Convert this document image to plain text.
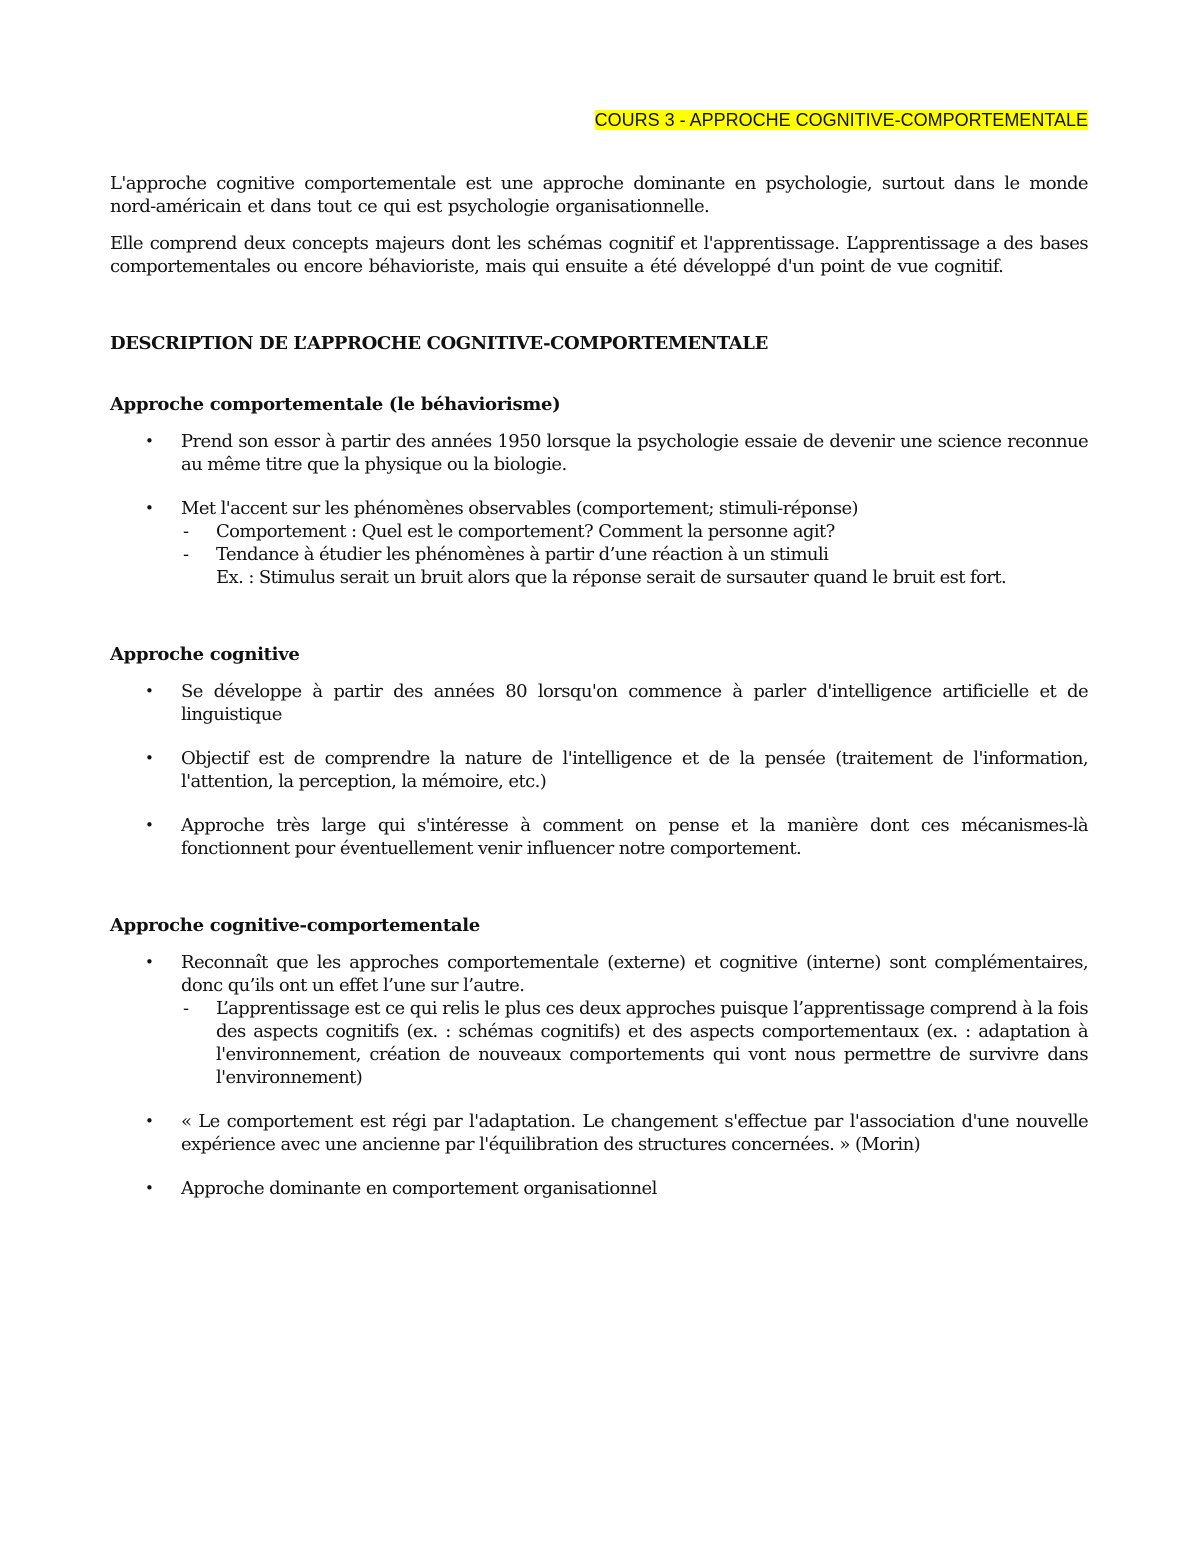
COURS 3 - APPROCHE COGNITIVE-COMPORTEMENTALE

L'approche cognitive comportementale est une approche dominante en psychologie, surtout dans le monde nord-américain et dans tout ce qui est psychologie organisationnelle.

Elle comprend deux concepts majeurs dont les schémas cognitif et l'apprentissage. L’apprentissage a des bases comportementales ou encore béhavioriste, mais qui ensuite a été développé d'un point de vue cognitif.

DESCRIPTION DE L’APPROCHE COGNITIVE-COMPORTEMENTALE
Approche comportementale (le béhaviorisme)
• Prend son essor à partir des années 1950 lorsque la psychologie essaie de devenir une science reconnue au même titre que la physique ou la biologie.
• Met l'accent sur les phénomènes observables (comportement; stimuli-réponse)
- Comportement : Quel est le comportement? Comment la personne agit?
- Tendance à étudier les phénomènes à partir d’une réaction à un stimuli
Ex. : Stimulus serait un bruit alors que la réponse serait de sursauter quand le bruit est fort.
Approche cognitive
• Se développe à partir des années 80 lorsqu'on commence à parler d'intelligence artificielle et de linguistique
• Objectif est de comprendre la nature de l'intelligence et de la pensée (traitement de l'information, l'attention, la perception, la mémoire, etc.)
• Approche très large qui s'intéresse à comment on pense et la manière dont ces mécanismes-là fonctionnent pour éventuellement venir influencer notre comportement.
Approche cognitive-comportementale
• Reconnaît que les approches comportementale (externe) et cognitive (interne) sont complémentaires, donc qu’ils ont un effet l’une sur l’autre.
- L’apprentissage est ce qui relis le plus ces deux approches puisque l’apprentissage comprend à la fois des aspects cognitifs (ex. : schémas cognitifs) et des aspects comportementaux (ex. : adaptation à l'environnement, création de nouveaux comportements qui vont nous permettre de survivre dans l'environnement)
• « Le comportement est régi par l'adaptation. Le changement s'effectue par l'association d'une nouvelle expérience avec une ancienne par l'équilibration des structures concernées. » (Morin)
• Approche dominante en comportement organisationnel
